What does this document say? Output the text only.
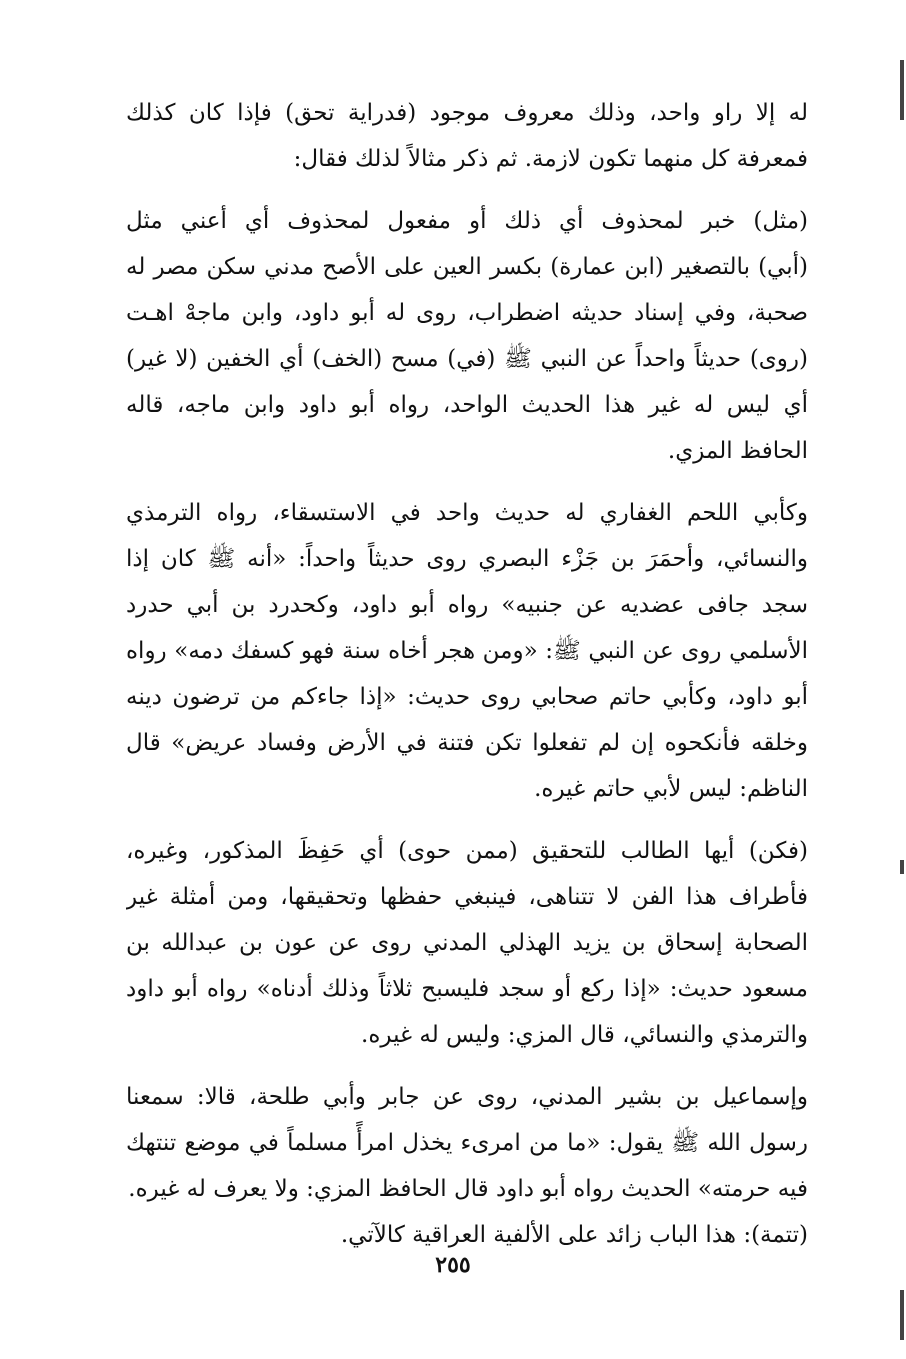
له إلا راو واحد، وذلك معروف موجود (فدراية تحق) فإذا كان كذلك
فمعرفة كل منهما تكون لازمة. ثم ذكر مثالاً لذلك فقال:
(مثل) خبر لمحذوف أي ذلك أو مفعول لمحذوف أي أعني مثل
(أبي) بالتصغير (ابن عمارة) بكسر العين على الأصح مدني سكن مصر له
صحبة، وفي إسناد حديثه اضطراب، روى له أبو داود، وابن ماجهْ اهـت
(روى) حديثاً واحداً عن النبي ﷺ (في) مسح (الخف) أي الخفين (لا غير)
أي ليس له غير هذا الحديث الواحد، رواه أبو داود وابن ماجه، قاله
الحافظ المزي.
وكأبي اللحم الغفاري له حديث واحد في الاستسقاء، رواه الترمذي
والنسائي، وأحمَرَ بن جَزْء البصري روى حديثاً واحداً: «أنه ﷺ كان إذا
سجد جافى عضديه عن جنبيه» رواه أبو داود، وكحدرد بن أبي حدرد
الأسلمي روى عن النبي ﷺ: «ومن هجر أخاه سنة فهو كسفك دمه» رواه
أبو داود، وكأبي حاتم صحابي روى حديث: «إذا جاءكم من ترضون دينه
وخلقه فأنكحوه إن لم تفعلوا تكن فتنة في الأرض وفساد عريض» قال
الناظم: ليس لأبي حاتم غيره.
(فكن) أيها الطالب للتحقيق (ممن حوى) أي حَفِظَ المذكور، وغيره،
فأطراف هذا الفن لا تتناهى، فينبغي حفظها وتحقيقها، ومن أمثلة غير
الصحابة إسحاق بن يزيد الهذلي المدني روى عن عون بن عبدالله بن
مسعود حديث: «إذا ركع أو سجد فليسبح ثلاثاً وذلك أدناه» رواه أبو داود
والترمذي والنسائي، قال المزي: وليس له غيره.
وإسماعيل بن بشير المدني، روى عن جابر وأبي طلحة، قالا: سمعنا
رسول الله ﷺ يقول: «ما من امرىء يخذل امرأً مسلماً في موضع تنتهك
فيه حرمته» الحديث رواه أبو داود قال الحافظ المزي: ولا يعرف له غيره.
(تتمة): هذا الباب زائد على الألفية العراقية كالآتي.
٢٥٥
